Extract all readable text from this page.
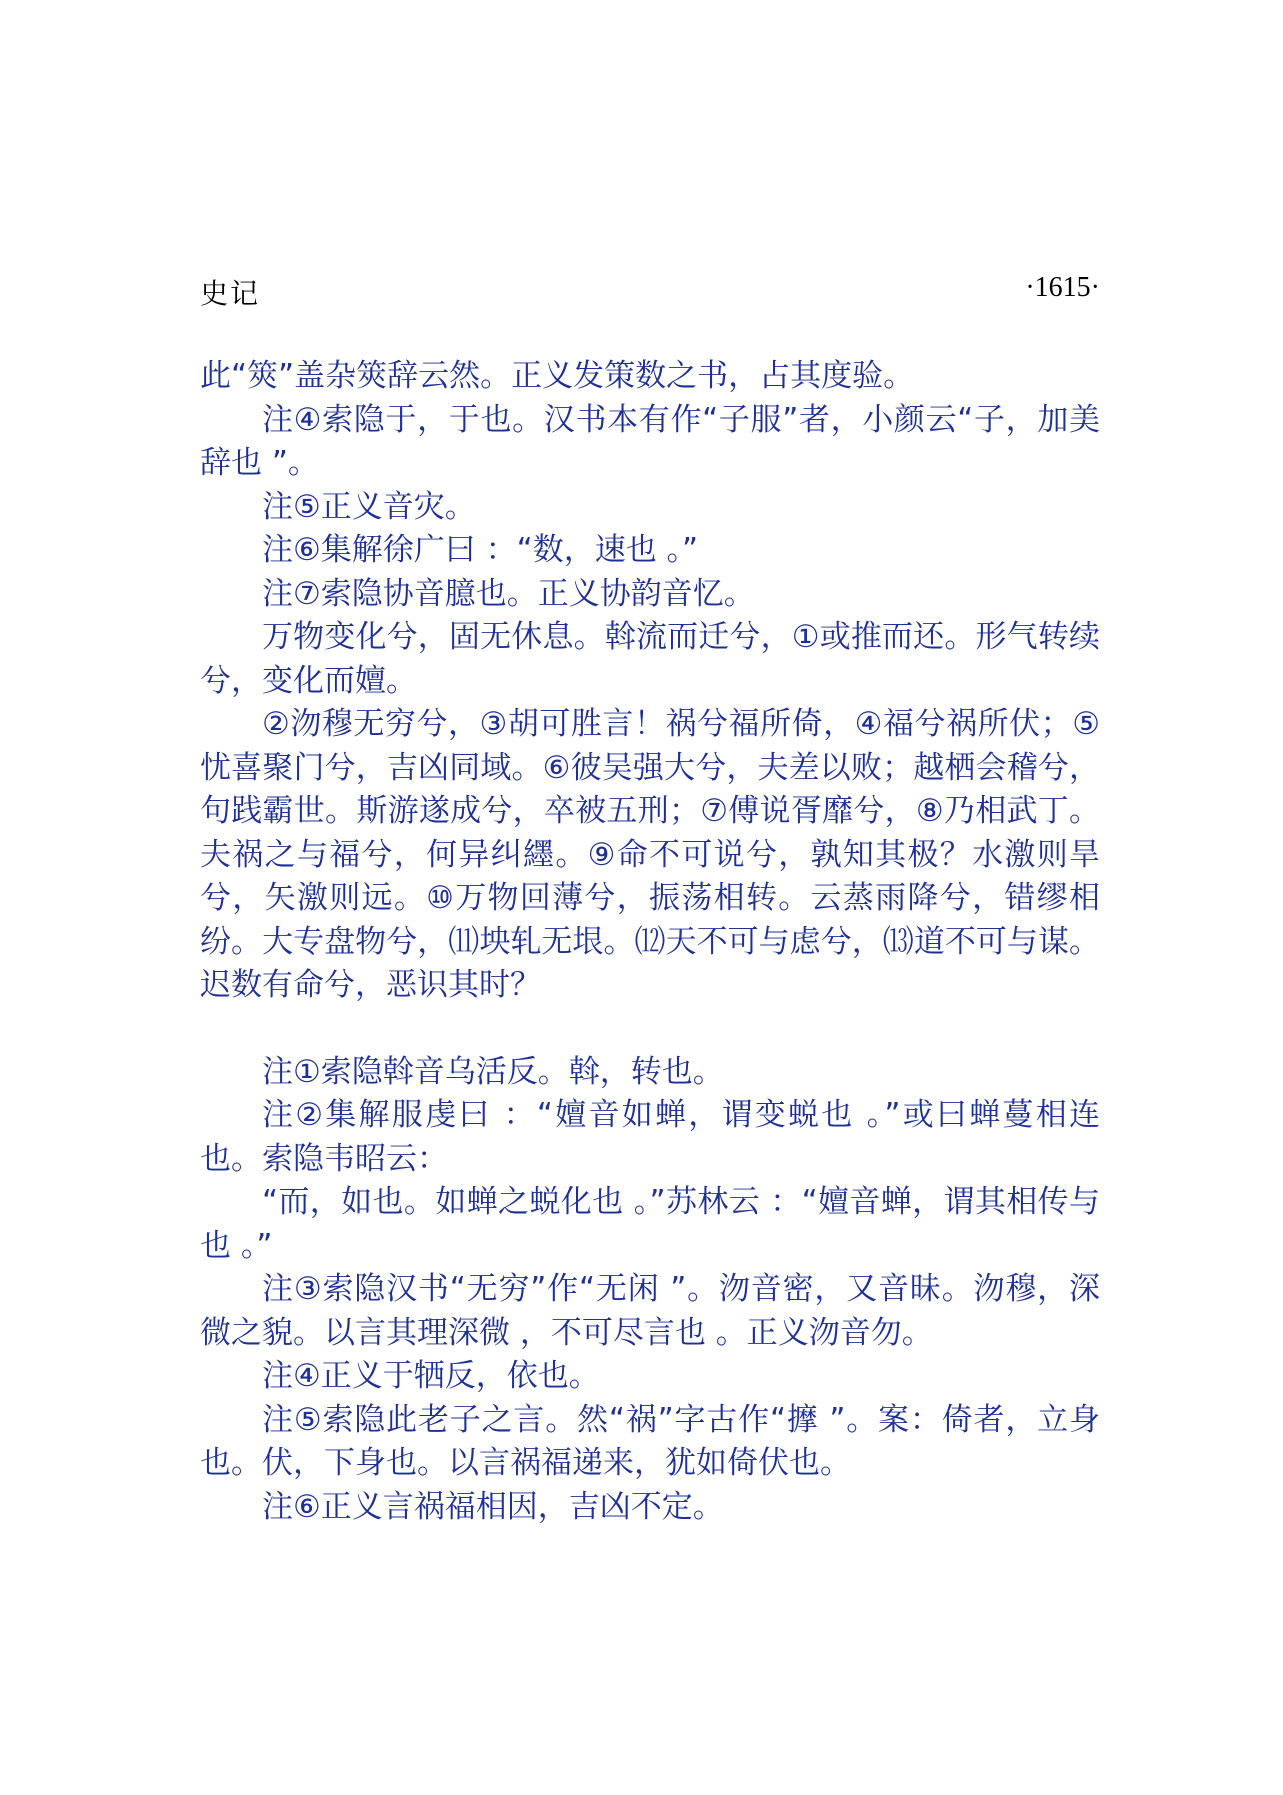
史记	·1615·

此“筴”盖杂筴辞云然。正义发策数之书，占其度验。

注④索隐于，于也。汉书本有作“子服”者，小颜云“子，加美辞也 ”。

注⑤正义音灾。

注⑥集解徐广曰 ：“数，速也 。”

注⑦索隐协音臆也。正义协韵音忆。

万物变化兮，固无休息。斡流而迁兮，①或推而还。形气转续兮，变化而嬗。

②沕穆无穷兮，③胡可胜言！祸兮福所倚，④福兮祸所伏；⑤忧喜聚门兮，吉凶同域。⑥彼吴强大兮，夫差以败；越栖会稽兮，句践霸世。斯游遂成兮，卒被五刑；⑦傅说胥靡兮，⑧乃相武丁。夫祸之与福兮，何异纠纆。⑨命不可说兮，孰知其极？水激则旱兮，矢激则远。⑩万物回薄兮，振荡相转。云蒸雨降兮，错缪相纷。大专盘物兮，⑾坱轧无垠。⑿天不可与虑兮，⒀道不可与谋。迟数有命兮，恶识其时？

注①索隐斡音乌活反。斡，转也。

注②集解服虔曰 ：“嬗音如蝉，谓变蜕也 。”或曰蝉蔓相连也。索隐韦昭云：

“而，如也。如蝉之蜕化也 。”苏林云 ：“嬗音蝉，谓其相传与也 。”

注③索隐汉书“无穷”作“无闲 ”。沕音密，又音昧。沕穆，深微之貌。以言其理深微 ，不可尽言也 。正义沕音勿。

注④正义于牺反，依也。

注⑤索隐此老子之言。然“祸”字古作“擵 ”。案：倚者，立身也。伏，下身也。以言祸福递来，犹如倚伏也。

注⑥正义言祸福相因，吉凶不定。
